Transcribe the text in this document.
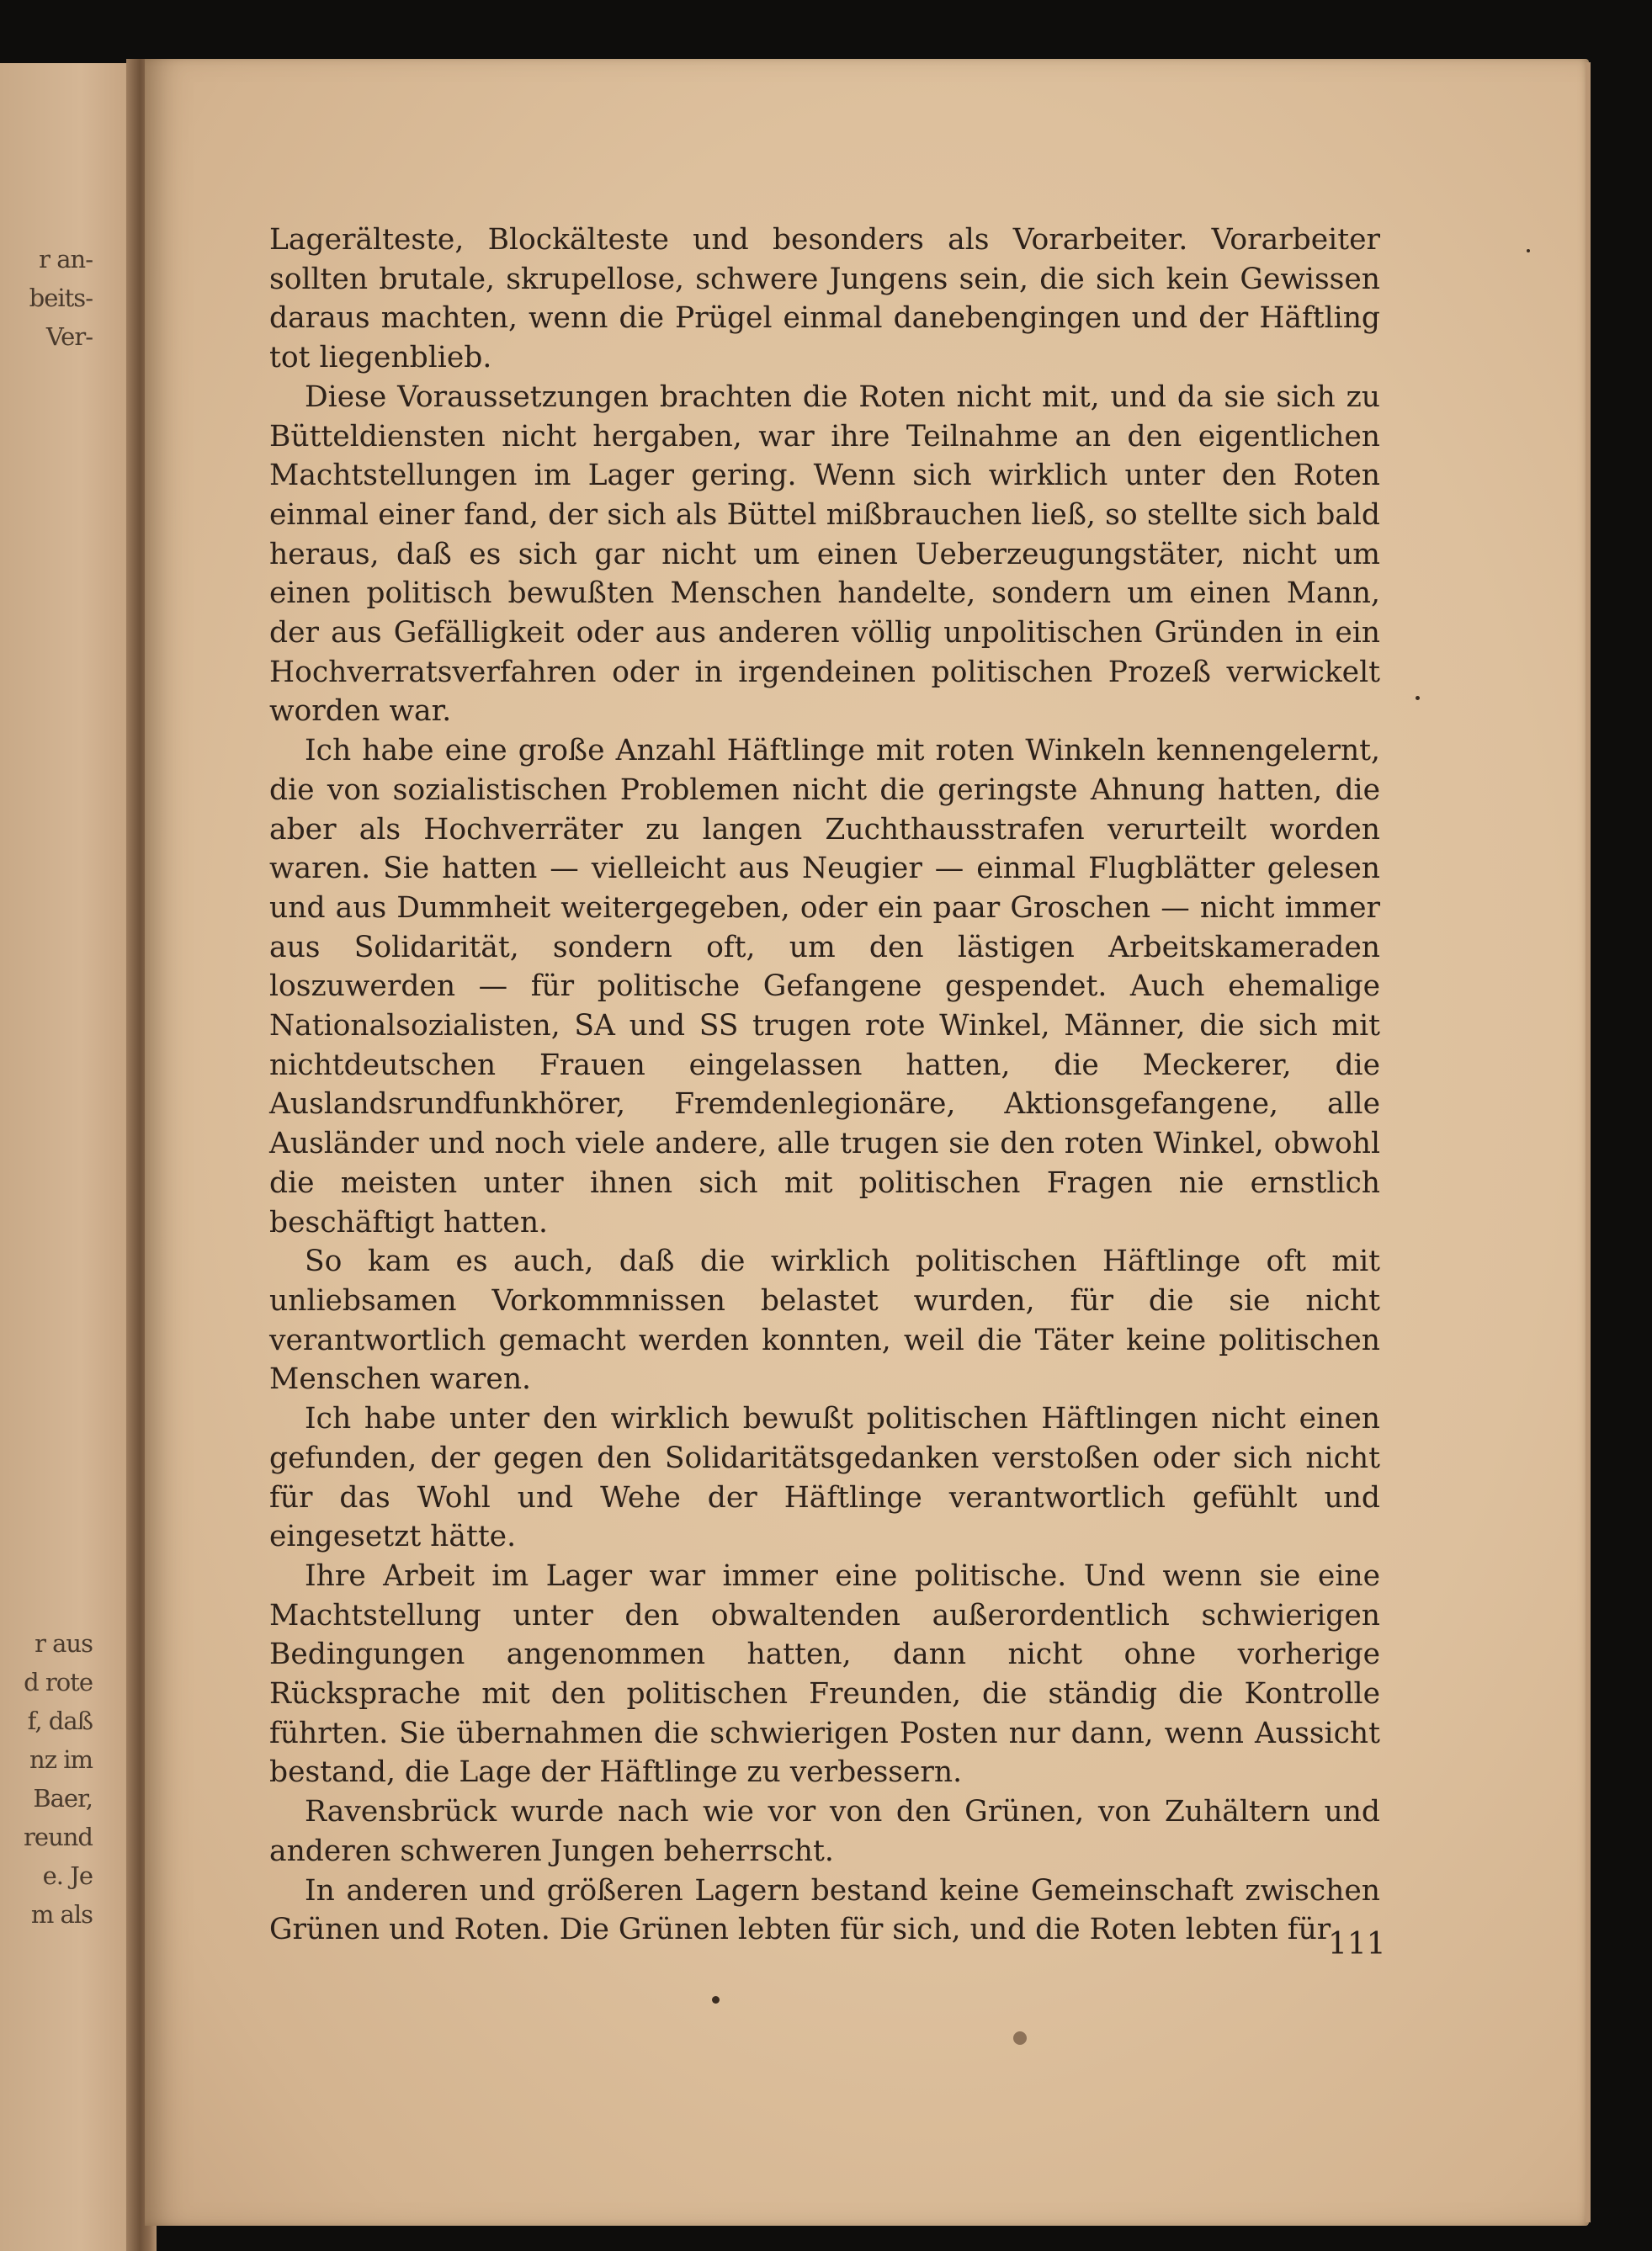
r an-
beits-
Ver-
r aus
d rote
f, daß
nz im
Baer,
reund
e. Je
m als

Lagerälteste, Blockälteste und besonders als Vorarbeiter. Vorarbeiter sollten brutale, skrupellose, schwere Jungens sein, die sich kein Gewissen daraus machten, wenn die Prügel einmal danebengingen und der Häftling tot liegenblieb.

Diese Voraussetzungen brachten die Roten nicht mit, und da sie sich zu Bütteldiensten nicht hergaben, war ihre Teilnahme an den eigentlichen Machtstellungen im Lager gering. Wenn sich wirklich unter den Roten einmal einer fand, der sich als Büttel mißbrauchen ließ, so stellte sich bald heraus, daß es sich gar nicht um einen Ueberzeugungstäter, nicht um einen politisch bewußten Menschen handelte, sondern um einen Mann, der aus Gefälligkeit oder aus anderen völlig unpolitischen Gründen in ein Hochverratsverfahren oder in irgendeinen politischen Prozeß verwickelt worden war.

Ich habe eine große Anzahl Häftlinge mit roten Winkeln kennengelernt, die von sozialistischen Problemen nicht die geringste Ahnung hatten, die aber als Hochverräter zu langen Zuchthausstrafen verurteilt worden waren. Sie hatten — vielleicht aus Neugier — einmal Flugblätter gelesen und aus Dummheit weitergegeben, oder ein paar Groschen — nicht immer aus Solidarität, sondern oft, um den lästigen Arbeitskameraden loszuwerden — für politische Gefangene gespendet. Auch ehemalige Nationalsozialisten, SA und SS trugen rote Winkel, Männer, die sich mit nichtdeutschen Frauen eingelassen hatten, die Meckerer, die Auslandsrundfunkhörer, Fremdenlegionäre, Aktionsgefangene, alle Ausländer und noch viele andere, alle trugen sie den roten Winkel, obwohl die meisten unter ihnen sich mit politischen Fragen nie ernstlich beschäftigt hatten.

So kam es auch, daß die wirklich politischen Häftlinge oft mit unliebsamen Vorkommnissen belastet wurden, für die sie nicht verantwortlich gemacht werden konnten, weil die Täter keine politischen Menschen waren.

Ich habe unter den wirklich bewußt politischen Häftlingen nicht einen gefunden, der gegen den Solidaritätsgedanken verstoßen oder sich nicht für das Wohl und Wehe der Häftlinge verantwortlich gefühlt und eingesetzt hätte.

Ihre Arbeit im Lager war immer eine politische. Und wenn sie eine Machtstellung unter den obwaltenden außerordentlich schwierigen Bedingungen angenommen hatten, dann nicht ohne vorherige Rücksprache mit den politischen Freunden, die ständig die Kontrolle führten. Sie übernahmen die schwierigen Posten nur dann, wenn Aussicht bestand, die Lage der Häftlinge zu verbessern.

Ravensbrück wurde nach wie vor von den Grünen, von Zuhältern und anderen schweren Jungen beherrscht.

In anderen und größeren Lagern bestand keine Gemeinschaft zwischen Grünen und Roten. Die Grünen lebten für sich, und die Roten lebten für

111
